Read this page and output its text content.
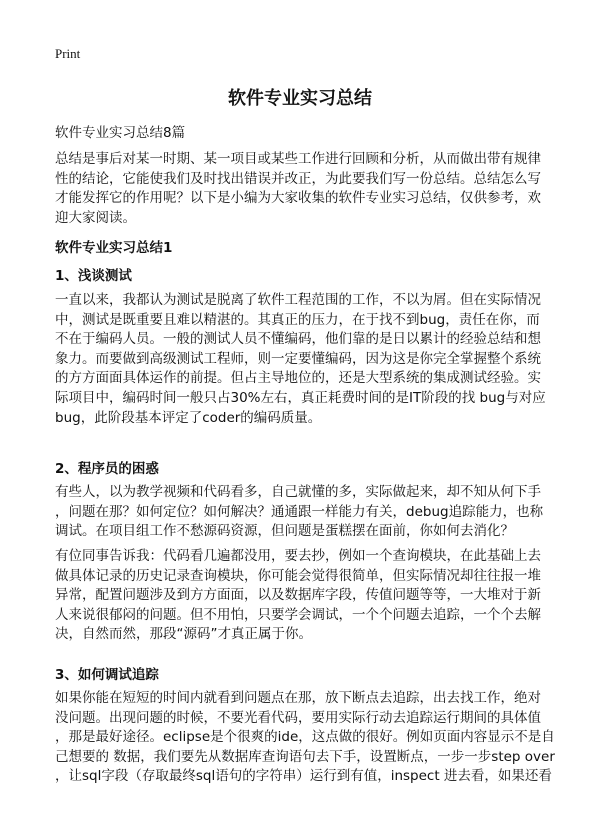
Print
软件专业实习总结
软件专业实习总结8篇
总结是事后对某一时期、某一项目或某些工作进行回顾和分析，从而做出带有规律
性的结论，它能使我们及时找出错误并改正，为此要我们写一份总结。总结怎么写
才能发挥它的作用呢？以下是小编为大家收集的软件专业实习总结，仅供参考，欢
迎大家阅读。
软件专业实习总结1
1、浅谈测试
一直以来，我都认为测试是脱离了软件工程范围的工作，不以为屑。但在实际情况
中，测试是既重要且难以精湛的。其真正的压力，在于找不到bug，责任在你，而
不在于编码人员。一般的测试人员不懂编码，他们靠的是日以累计的经验总结和想
象力。而要做到高级测试工程师，则一定要懂编码，因为这是你完全掌握整个系统
的方方面面具体运作的前提。但占主导地位的，还是大型系统的集成测试经验。实
际项目中，编码时间一般只占30%左右，真正耗费时间的是IT阶段的找 bug与对应
bug，此阶段基本评定了coder的编码质量。
2、程序员的困惑
有些人，以为教学视频和代码看多，自己就懂的多，实际做起来，却不知从何下手
，问题在那？如何定位？如何解决？通通跟一样能力有关，debug追踪能力，也称
调试。在项目组工作不愁源码资源，但问题是蛋糕摆在面前，你如何去消化？
有位同事告诉我：代码看几遍都没用，要去抄，例如一个查询模块，在此基础上去
做具体记录的历史记录查询模块，你可能会觉得很简单，但实际情况却往往报一堆
异常，配置问题涉及到方方面面，以及数据库字段，传值问题等等，一大堆对于新
人来说很郁闷的问题。但不用怕，只要学会调试，一个个问题去追踪，一个个去解
决，自然而然，那段“源码”才真正属于你。
3、如何调试追踪
如果你能在短短的时间内就看到问题点在那，放下断点去追踪，出去找工作，绝对
没问题。出现问题的时候，不要光看代码，要用实际行动去追踪运行期间的具体值
，那是最好途径。eclipse是个很爽的ide，这点做的很好。例如页面内容显示不是自
己想要的 数据，我们要先从数据库查询语句去下手，设置断点，一步一步step over
，让sql字段（存取最终sql语句的字符串）运行到有值，inspect 进去看，如果还看
